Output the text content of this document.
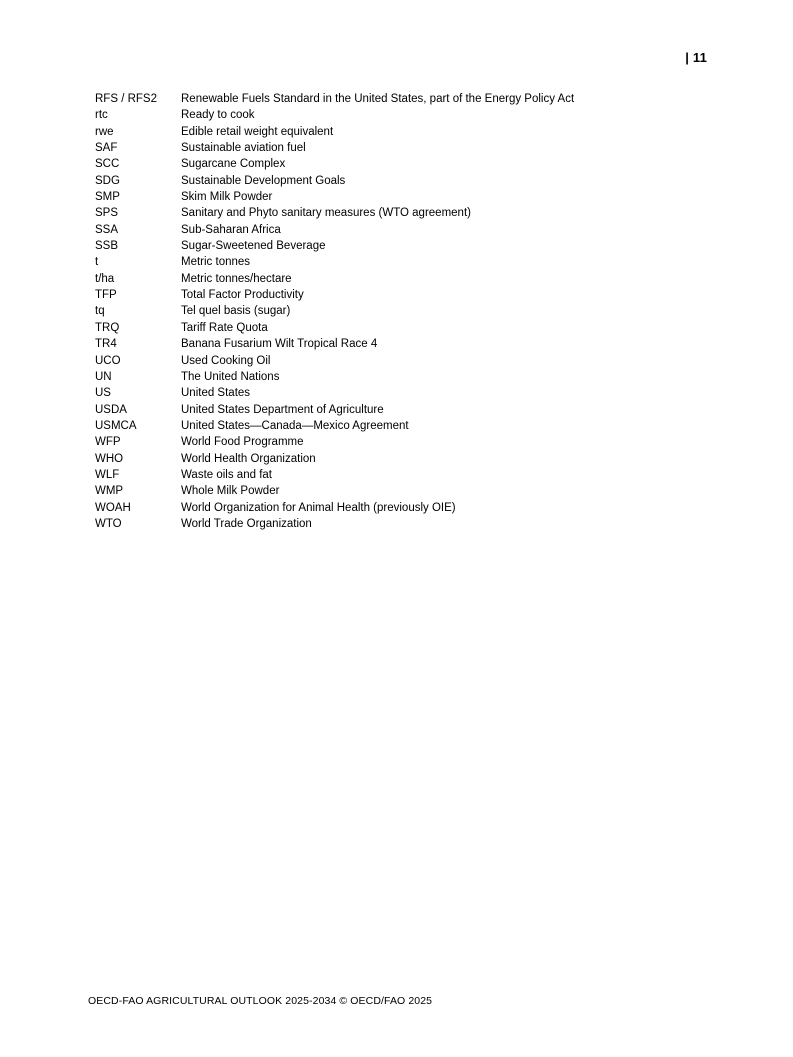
| 11
RFS / RFS2	Renewable Fuels Standard in the United States, part of the Energy Policy Act
rtc	Ready to cook
rwe	Edible retail weight equivalent
SAF	Sustainable aviation fuel
SCC	Sugarcane Complex
SDG	Sustainable Development Goals
SMP	Skim Milk Powder
SPS	Sanitary and Phyto sanitary measures (WTO agreement)
SSA	Sub-Saharan Africa
SSB	Sugar-Sweetened Beverage
t	Metric tonnes
t/ha	Metric tonnes/hectare
TFP	Total Factor Productivity
tq	Tel quel basis (sugar)
TRQ	Tariff Rate Quota
TR4	Banana Fusarium Wilt Tropical Race 4
UCO	Used Cooking Oil
UN	The United Nations
US	United States
USDA	United States Department of Agriculture
USMCA	United States—Canada—Mexico Agreement
WFP	World Food Programme
WHO	World Health Organization
WLF	Waste oils and fat
WMP	Whole Milk Powder
WOAH	World Organization for Animal Health (previously OIE)
WTO	World Trade Organization
OECD-FAO AGRICULTURAL OUTLOOK 2025-2034 © OECD/FAO 2025
